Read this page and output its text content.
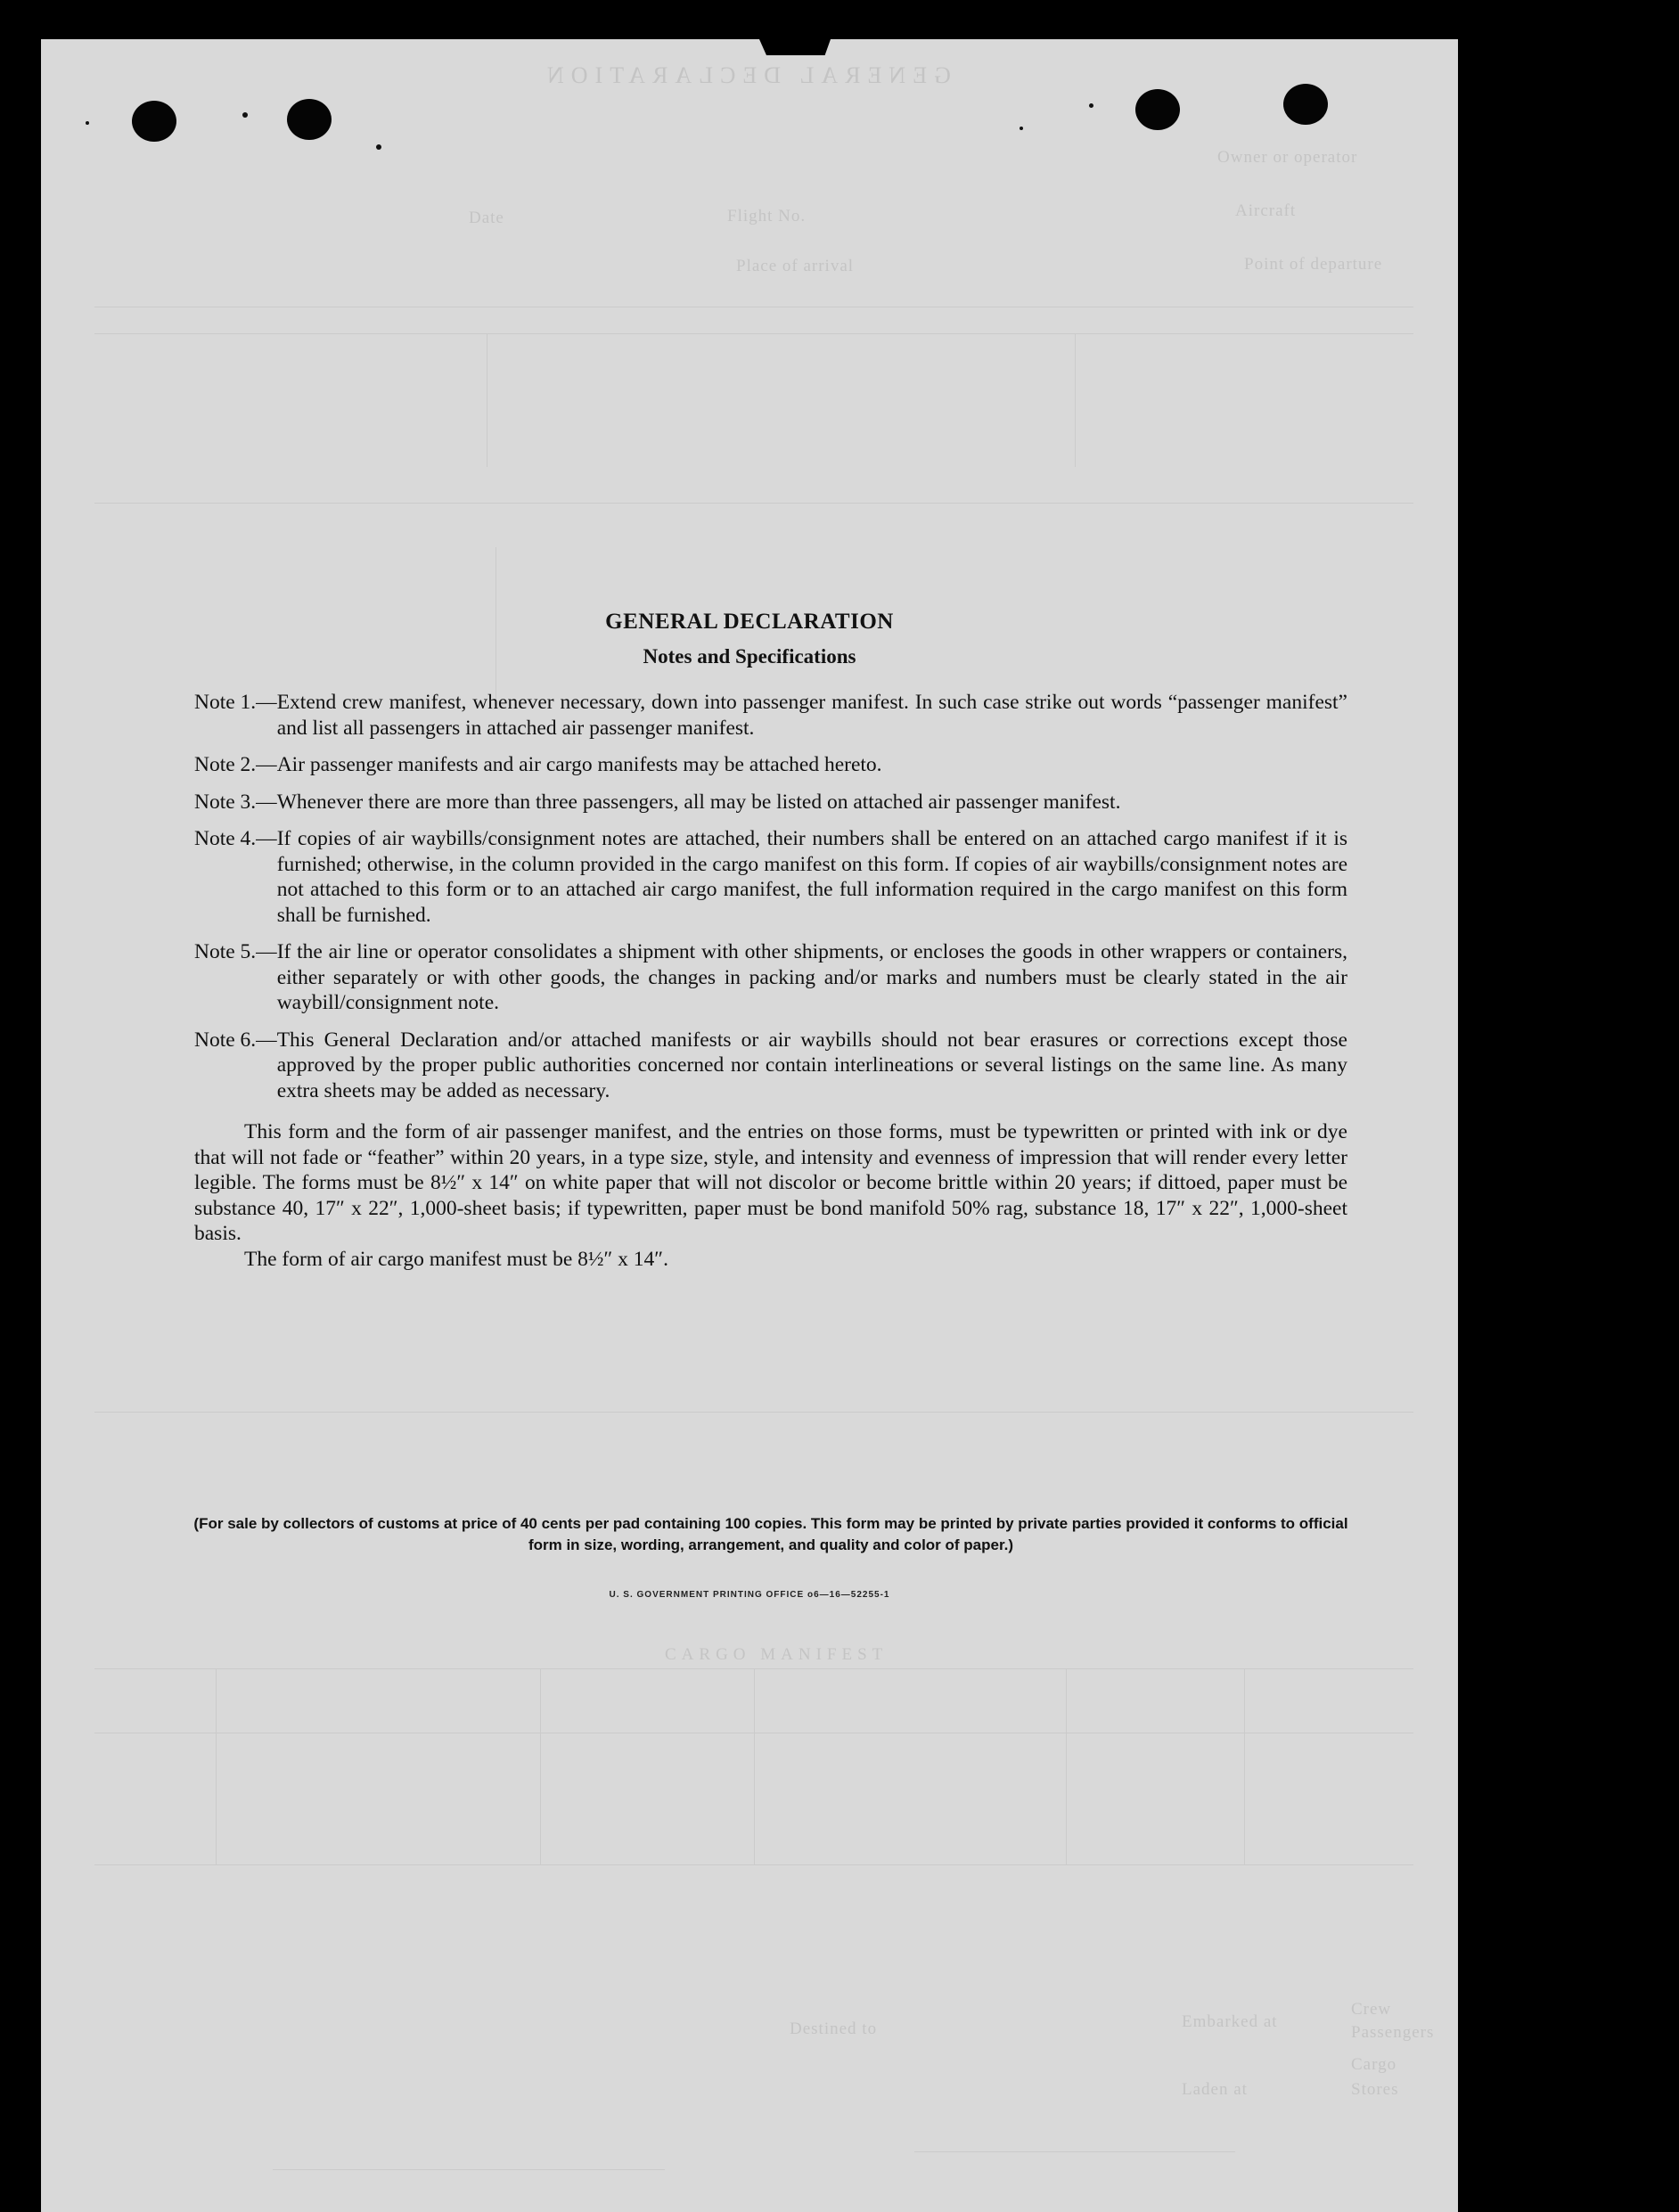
GENERAL DECLARATION
Owner or operator
Aircraft
Flight No.
Date
Point of departure
Place of arrival
CARGO MANIFEST
Embarked at
Destined to
Laden at
Crew
Passengers
Cargo
Stores
GENERAL DECLARATION
Notes and Specifications
Note 1.— Extend crew manifest, whenever necessary, down into passenger manifest. In such case strike out words “passenger manifest” and list all passengers in attached air passenger manifest.
Note 2.— Air passenger manifests and air cargo manifests may be attached hereto.
Note 3.— Whenever there are more than three passengers, all may be listed on attached air passenger manifest.
Note 4.— If copies of air waybills/consignment notes are attached, their numbers shall be entered on an attached cargo manifest if it is furnished; otherwise, in the column provided in the cargo manifest on this form. If copies of air waybills/consignment notes are not attached to this form or to an attached air cargo manifest, the full information required in the cargo manifest on this form shall be furnished.
Note 5.— If the air line or operator consolidates a shipment with other shipments, or encloses the goods in other wrappers or containers, either separately or with other goods, the changes in packing and/or marks and numbers must be clearly stated in the air waybill/consignment note.
Note 6.— This General Declaration and/or attached manifests or air waybills should not bear erasures or corrections except those approved by the proper public authorities concerned nor contain interlineations or several listings on the same line. As many extra sheets may be added as necessary.
This form and the form of air passenger manifest, and the entries on those forms, must be typewritten or printed with ink or dye that will not fade or “feather” within 20 years, in a type size, style, and intensity and evenness of impression that will render every letter legible. The forms must be 8½″ x 14″ on white paper that will not discolor or become brittle within 20 years; if dittoed, paper must be substance 40, 17″ x 22″, 1,000-sheet basis; if typewritten, paper must be bond manifold 50% rag, substance 18, 17″ x 22″, 1,000-sheet basis.
The form of air cargo manifest must be 8½″ x 14″.
(For sale by collectors of customs at price of 40 cents per pad containing 100 copies. This form may be printed by private parties provided it conforms to official form in size, wording, arrangement, and quality and color of paper.)
U. S. GOVERNMENT PRINTING OFFICE o6—16—52255-1
